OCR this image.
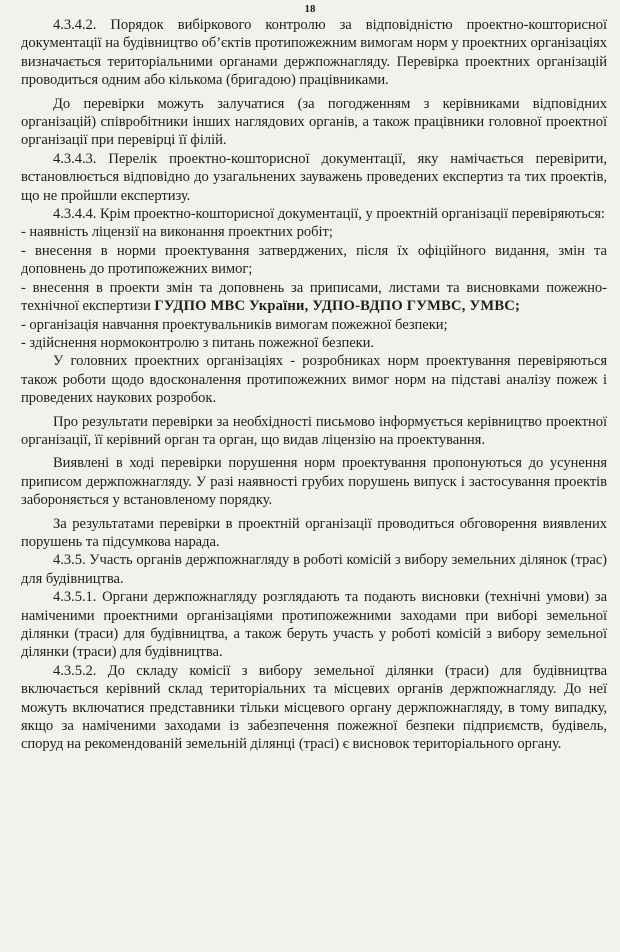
18

4.3.4.2. Порядок вибіркового контролю за відповідністю проектно-кошторисної документації на будівництво об’єктів протипожежним вимогам норм у проектних організаціях визначається територіальними органами держпожнагляду. Перевірка проектних організацій проводиться одним або кількома (бригадою) працівниками.

До перевірки можуть залучатися (за погодженням з керівниками відповідних організацій) співробітники інших наглядових органів, а також працівники головної проектної організації при перевірці її філій.

4.3.4.3. Перелік проектно-кошторисної документації, яку намічається перевірити, встановлюється відповідно до узагальнених зауважень проведених експертиз та тих проектів, що не пройшли експертизу.

4.3.4.4. Крім проектно-кошторисної документації, у проектній організації перевіряються:

- наявність ліцензії на виконання проектних робіт;

- внесення в норми проектування затверджених, після їх офіційного видання, змін та доповнень до протипожежних вимог;

- внесення в проекти змін та доповнень за приписами, листами та висновками пожежно-технічної експертизи ГУДПО МВС України, УДПО-ВДПО ГУМВС, УМВС;

- організація навчання проектувальників вимогам пожежної безпеки;

- здійснення нормоконтролю з питань пожежної безпеки.

У головних проектних організаціях - розробниках норм проектування перевіряються також роботи щодо вдосконалення протипожежних вимог норм на підставі аналізу пожеж і проведених наукових розробок.

Про результати перевірки за необхідності письмово інформується керівництво проектної організації, її керівний орган та орган, що видав ліцензію на проектування.

Виявлені в ході перевірки порушення норм проектування пропонуються до усунення приписом держпожнагляду. У разі наявності грубих порушень випуск і застосування проектів забороняється у встановленому порядку.

За результатами перевірки в проектній організації проводиться обговорення виявлених порушень та підсумкова нарада.

4.3.5. Участь органів держпожнагляду в роботі комісій з вибору земельних ділянок (трас) для будівництва.

4.3.5.1. Органи держпожнагляду розглядають та подають висновки (технічні умови) за наміченими проектними організаціями протипожежними заходами при виборі земельної ділянки (траси) для будівництва, а також беруть участь у роботі комісій з вибору земельної ділянки (траси) для будівництва.

4.3.5.2. До складу комісії з вибору земельної ділянки (траси) для будівництва включається керівний склад територіальних та місцевих органів держпожнагляду. До неї можуть включатися представники тільки місцевого органу держпожнагляду, в тому випадку, якщо за наміченими заходами із забезпечення пожежної безпеки підприємств, будівель, споруд на рекомендованій земельній ділянці (трасі) є висновок територіального органу.
